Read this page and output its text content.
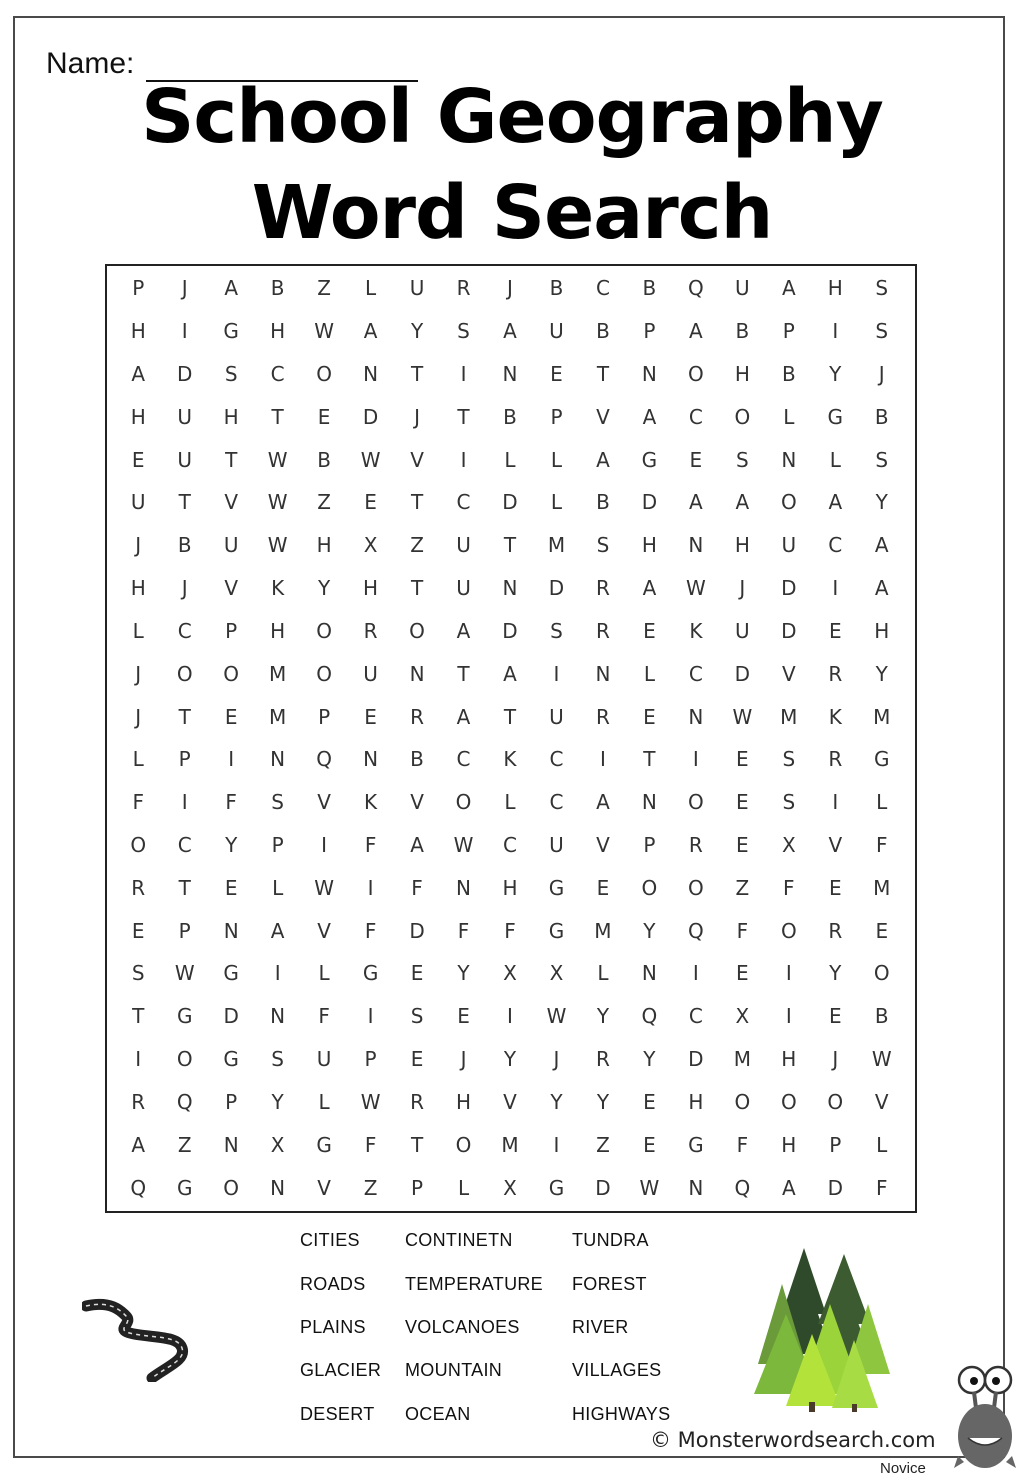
Name:
School Geography
Word Search
P	J	A	B	Z	L	U	R	J	B	C	B	Q	U	A	H	S
H	I	G	H	W	A	Y	S	A	U	B	P	A	B	P	I	S
A	D	S	C	O	N	T	I	N	E	T	N	O	H	B	Y	J
H	U	H	T	E	D	J	T	B	P	V	A	C	O	L	G	B
E	U	T	W	B	W	V	I	L	L	A	G	E	S	N	L	S
U	T	V	W	Z	E	T	C	D	L	B	D	A	A	O	A	Y
J	B	U	W	H	X	Z	U	T	M	S	H	N	H	U	C	A
H	J	V	K	Y	H	T	U	N	D	R	A	W	J	D	I	A
L	C	P	H	O	R	O	A	D	S	R	E	K	U	D	E	H
J	O	O	M	O	U	N	T	A	I	N	L	C	D	V	R	Y
J	T	E	M	P	E	R	A	T	U	R	E	N	W	M	K	M
L	P	I	N	Q	N	B	C	K	C	I	T	I	E	S	R	G
F	I	F	S	V	K	V	O	L	C	A	N	O	E	S	I	L
O	C	Y	P	I	F	A	W	C	U	V	P	R	E	X	V	F
R	T	E	L	W	I	F	N	H	G	E	O	O	Z	F	E	M
E	P	N	A	V	F	D	F	F	G	M	Y	Q	F	O	R	E
S	W	G	I	L	G	E	Y	X	X	L	N	I	E	I	Y	O
T	G	D	N	F	I	S	E	I	W	Y	Q	C	X	I	E	B
I	O	G	S	U	P	E	J	Y	J	R	Y	D	M	H	J	W
R	Q	P	Y	L	W	R	H	V	Y	Y	E	H	O	O	O	V
A	Z	N	X	G	F	T	O	M	I	Z	E	G	F	H	P	L
Q	G	O	N	V	Z	P	L	X	G	D	W	N	Q	A	D	F
CITIES
ROADS
PLAINS
GLACIER
DESERT
CONTINETN
TEMPERATURE
VOLCANOES
MOUNTAIN
OCEAN
TUNDRA
FOREST
RIVER
VILLAGES
HIGHWAYS
© Monsterwordsearch.com
Novice
